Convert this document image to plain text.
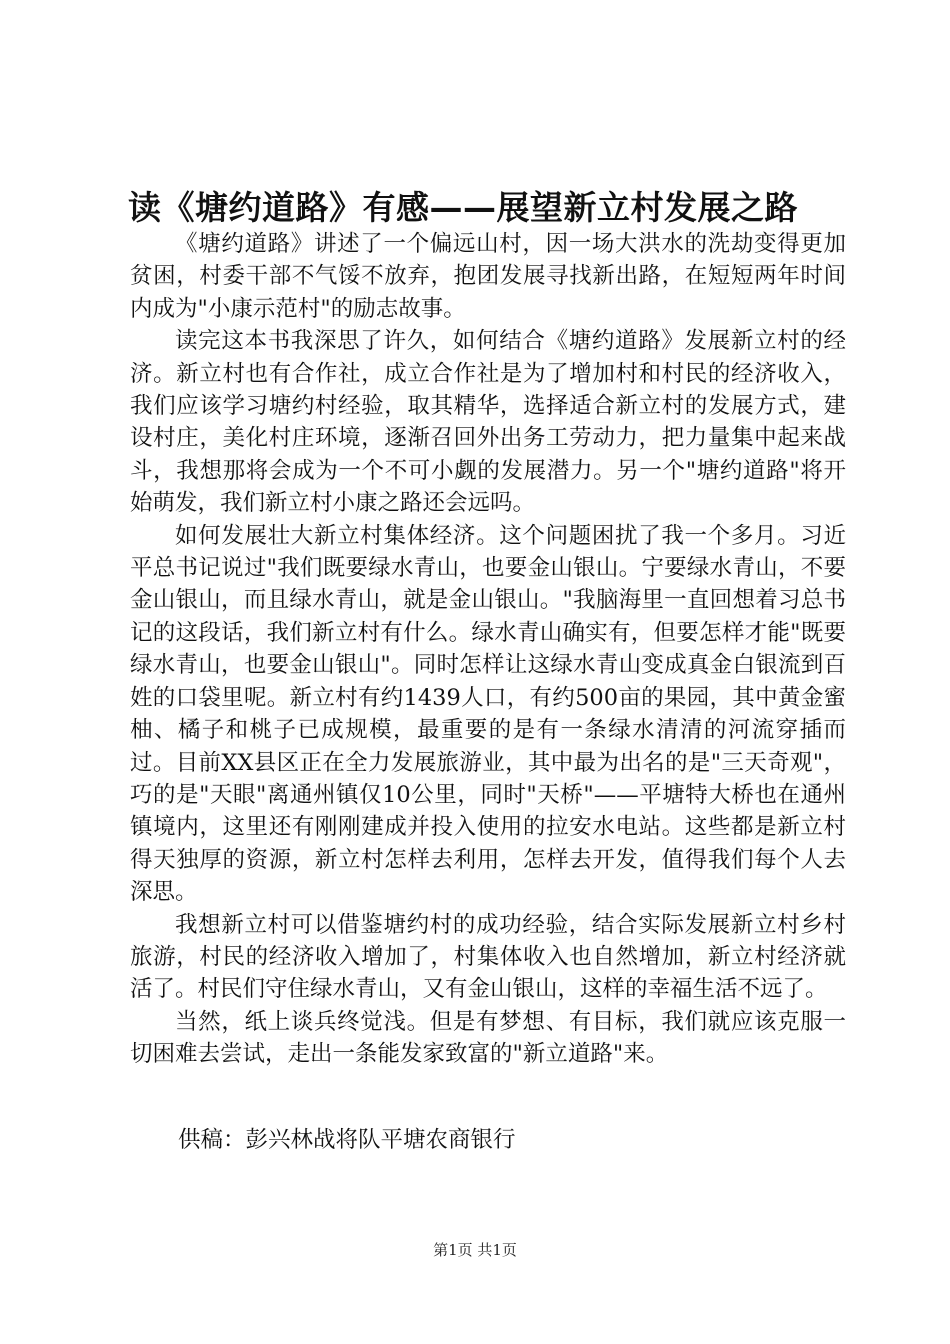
读《塘约道路》有感——展望新立村发展之路

《塘约道路》讲述了一个偏远山村，因一场大洪水的洗劫变得更加贫困，村委干部不气馁不放弃，抱团发展寻找新出路，在短短两年时间内成为"小康示范村"的励志故事。

读完这本书我深思了许久，如何结合《塘约道路》发展新立村的经济。新立村也有合作社，成立合作社是为了增加村和村民的经济收入，我们应该学习塘约村经验，取其精华，选择适合新立村的发展方式，建设村庄，美化村庄环境，逐渐召回外出务工劳动力，把力量集中起来战斗，我想那将会成为一个不可小觑的发展潜力。另一个"塘约道路"将开始萌发，我们新立村小康之路还会远吗。

如何发展壮大新立村集体经济。这个问题困扰了我一个多月。习近平总书记说过"我们既要绿水青山，也要金山银山。宁要绿水青山，不要金山银山，而且绿水青山，就是金山银山。"我脑海里一直回想着习总书记的这段话，我们新立村有什么。绿水青山确实有，但要怎样才能"既要绿水青山，也要金山银山"。同时怎样让这绿水青山变成真金白银流到百姓的口袋里呢。新立村有约1439人口，有约500亩的果园，其中黄金蜜柚、橘子和桃子已成规模，最重要的是有一条绿水清清的河流穿插而过。目前XX县区正在全力发展旅游业，其中最为出名的是"三天奇观"，巧的是"天眼"离通州镇仅10公里，同时"天桥"——平塘特大桥也在通州镇境内，这里还有刚刚建成并投入使用的拉安水电站。这些都是新立村得天独厚的资源，新立村怎样去利用，怎样去开发，值得我们每个人去深思。

我想新立村可以借鉴塘约村的成功经验，结合实际发展新立村乡村旅游，村民的经济收入增加了，村集体收入也自然增加，新立村经济就活了。村民们守住绿水青山，又有金山银山，这样的幸福生活不远了。

当然，纸上谈兵终觉浅。但是有梦想、有目标，我们就应该克服一切困难去尝试，走出一条能发家致富的"新立道路"来。

供稿：彭兴林战将队平塘农商银行
第1页 共1页
